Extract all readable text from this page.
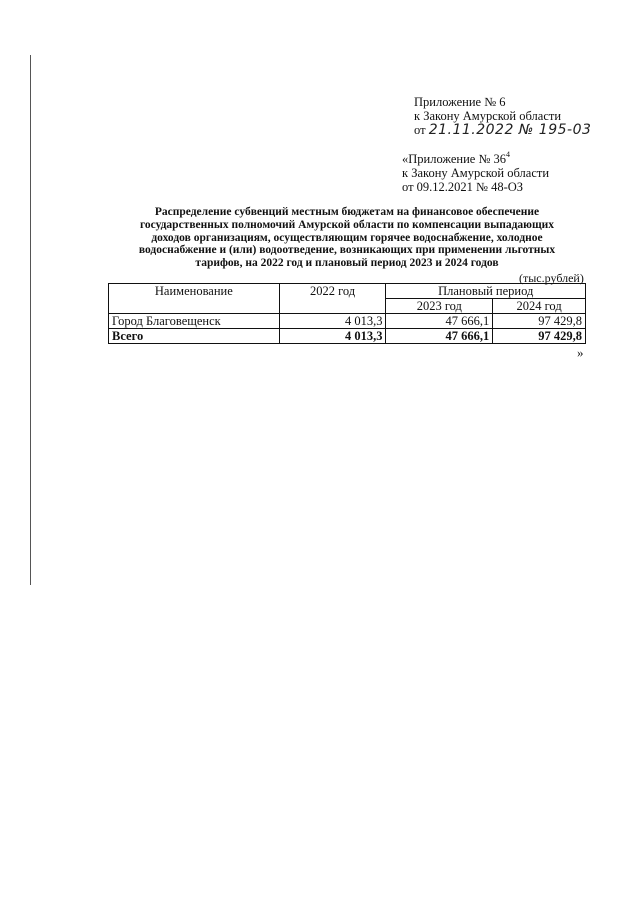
Приложение № 6
к Закону Амурской области
от 21.11.2022 № 195-03
«Приложение № $36^4$
к Закону Амурской области
от 09.12.2021 № 48-ОЗ
Распределение субвенций местным бюджетам на финансовое обеспечение
государственных полномочий Амурской области по компенсации выпадающих
доходов организациям, осуществляющим горячее водоснабжение, холодное
водоснабжение и (или) водоотведение, возникающих при применении льготных
тарифов, на 2022 год и плановый период 2023 и 2024 годов
(тыс.рублей)
Наименование	2022 год	Плановый период	
		2023 год	2024 год
Город Благовещенск	4 013,3	47 666,1	97 429,8
Всего	4 013,3	47 666,1	97 429,8
»
